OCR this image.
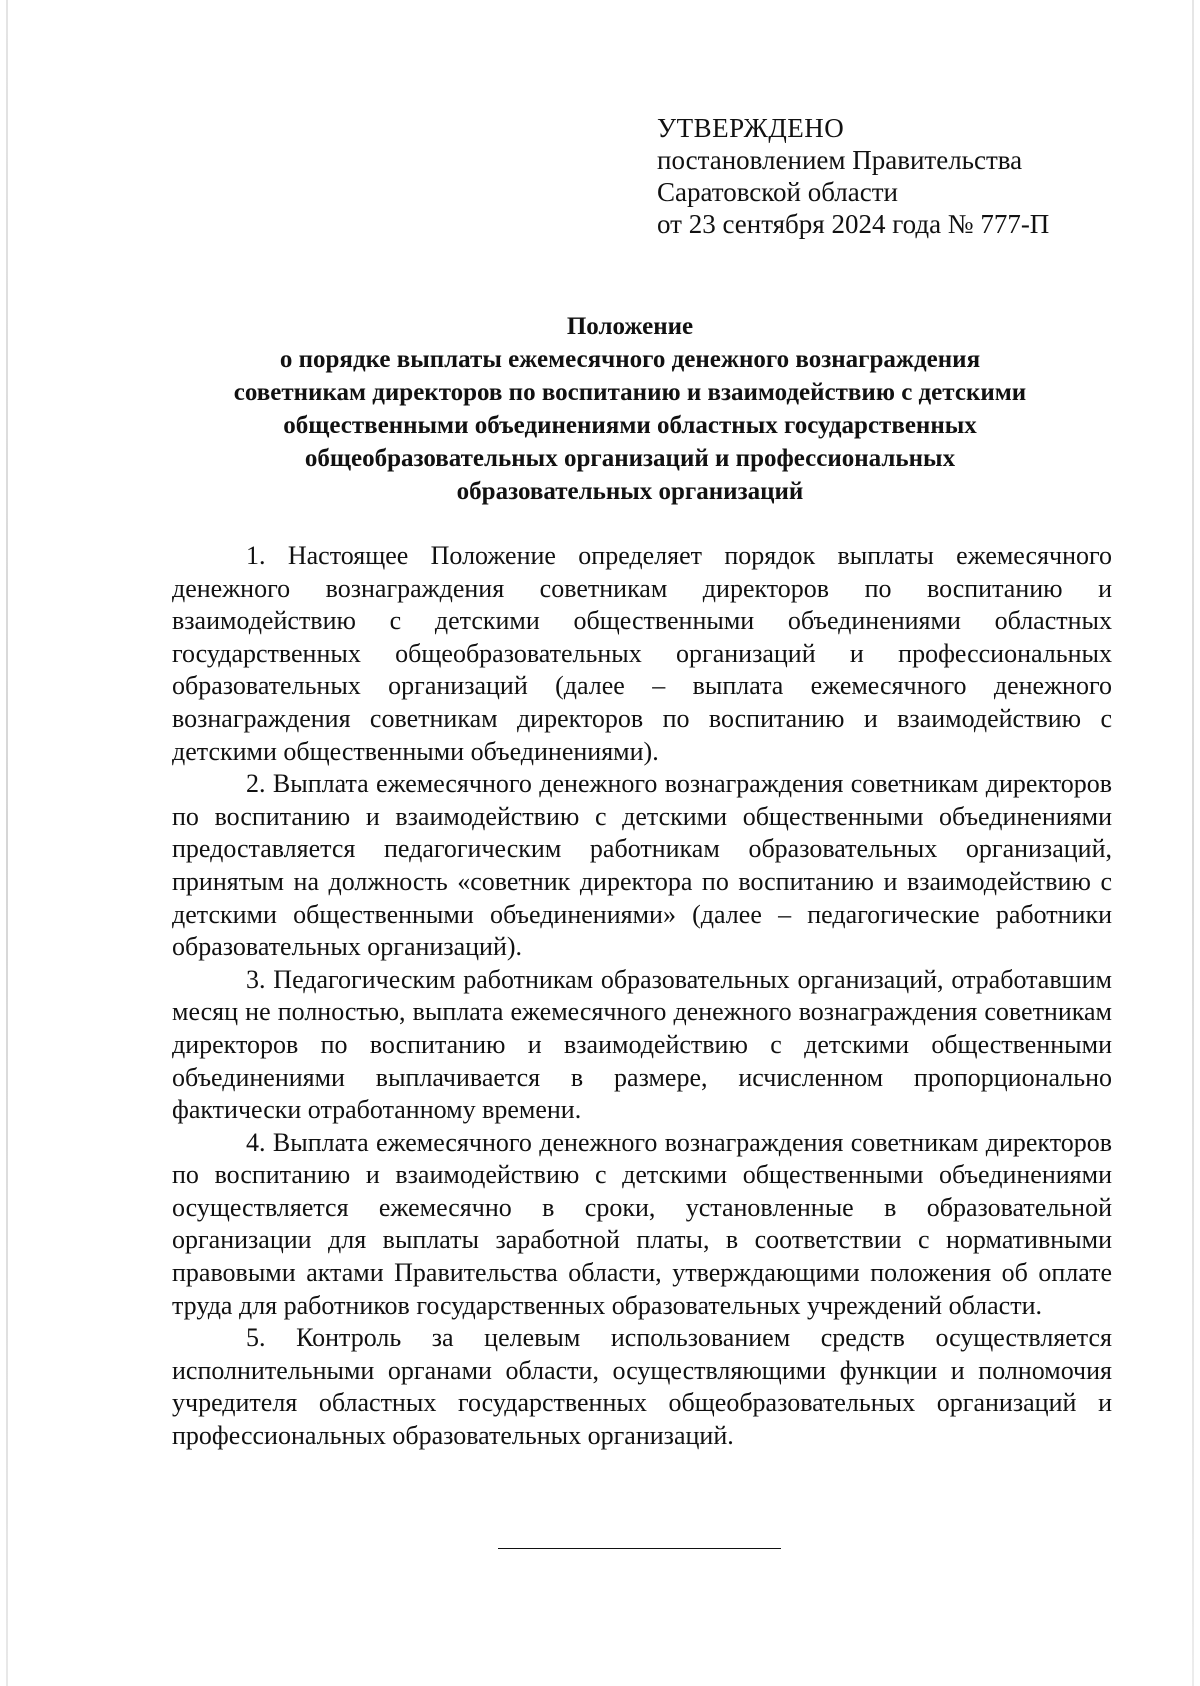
УТВЕРЖДЕНО
постановлением Правительства
Саратовской области
от 23 сентября 2024 года № 777-П
Положение
о порядке выплаты ежемесячного денежного вознаграждения
советникам директоров по воспитанию и взаимодействию с детскими
общественными объединениями областных государственных
общеобразовательных организаций и профессиональных
образовательных организаций

1. Настоящее Положение определяет порядок выплаты ежемесячного денежного вознаграждения советникам директоров по воспитанию и взаимодействию с детскими общественными объединениями областных государственных общеобразовательных организаций и профессиональных образовательных организаций (далее – выплата ежемесячного денежного вознаграждения советникам директоров по воспитанию и взаимодействию с детскими общественными объединениями).

2. Выплата ежемесячного денежного вознаграждения советникам директоров по воспитанию и взаимодействию с детскими общественными объединениями предоставляется педагогическим работникам образовательных организаций, принятым на должность «советник директора по воспитанию и взаимодействию с детскими общественными объединениями» (далее – педагогические работники образовательных организаций).

3. Педагогическим работникам образовательных организаций, отработавшим месяц не полностью, выплата ежемесячного денежного вознаграждения советникам директоров по воспитанию и взаимодействию с детскими общественными объединениями выплачивается в размере, исчисленном пропорционально фактически отработанному времени.

4. Выплата ежемесячного денежного вознаграждения советникам директоров по воспитанию и взаимодействию с детскими общественными объединениями осуществляется ежемесячно в сроки, установленные в образовательной организации для выплаты заработной платы, в соответствии с нормативными правовыми актами Правительства области, утверждающими положения об оплате труда для работников государственных образовательных учреждений области.

5. Контроль за целевым использованием средств осуществляется исполнительными органами области, осуществляющими функции и полномочия учредителя областных государственных общеобразовательных организаций и профессиональных образовательных организаций.
